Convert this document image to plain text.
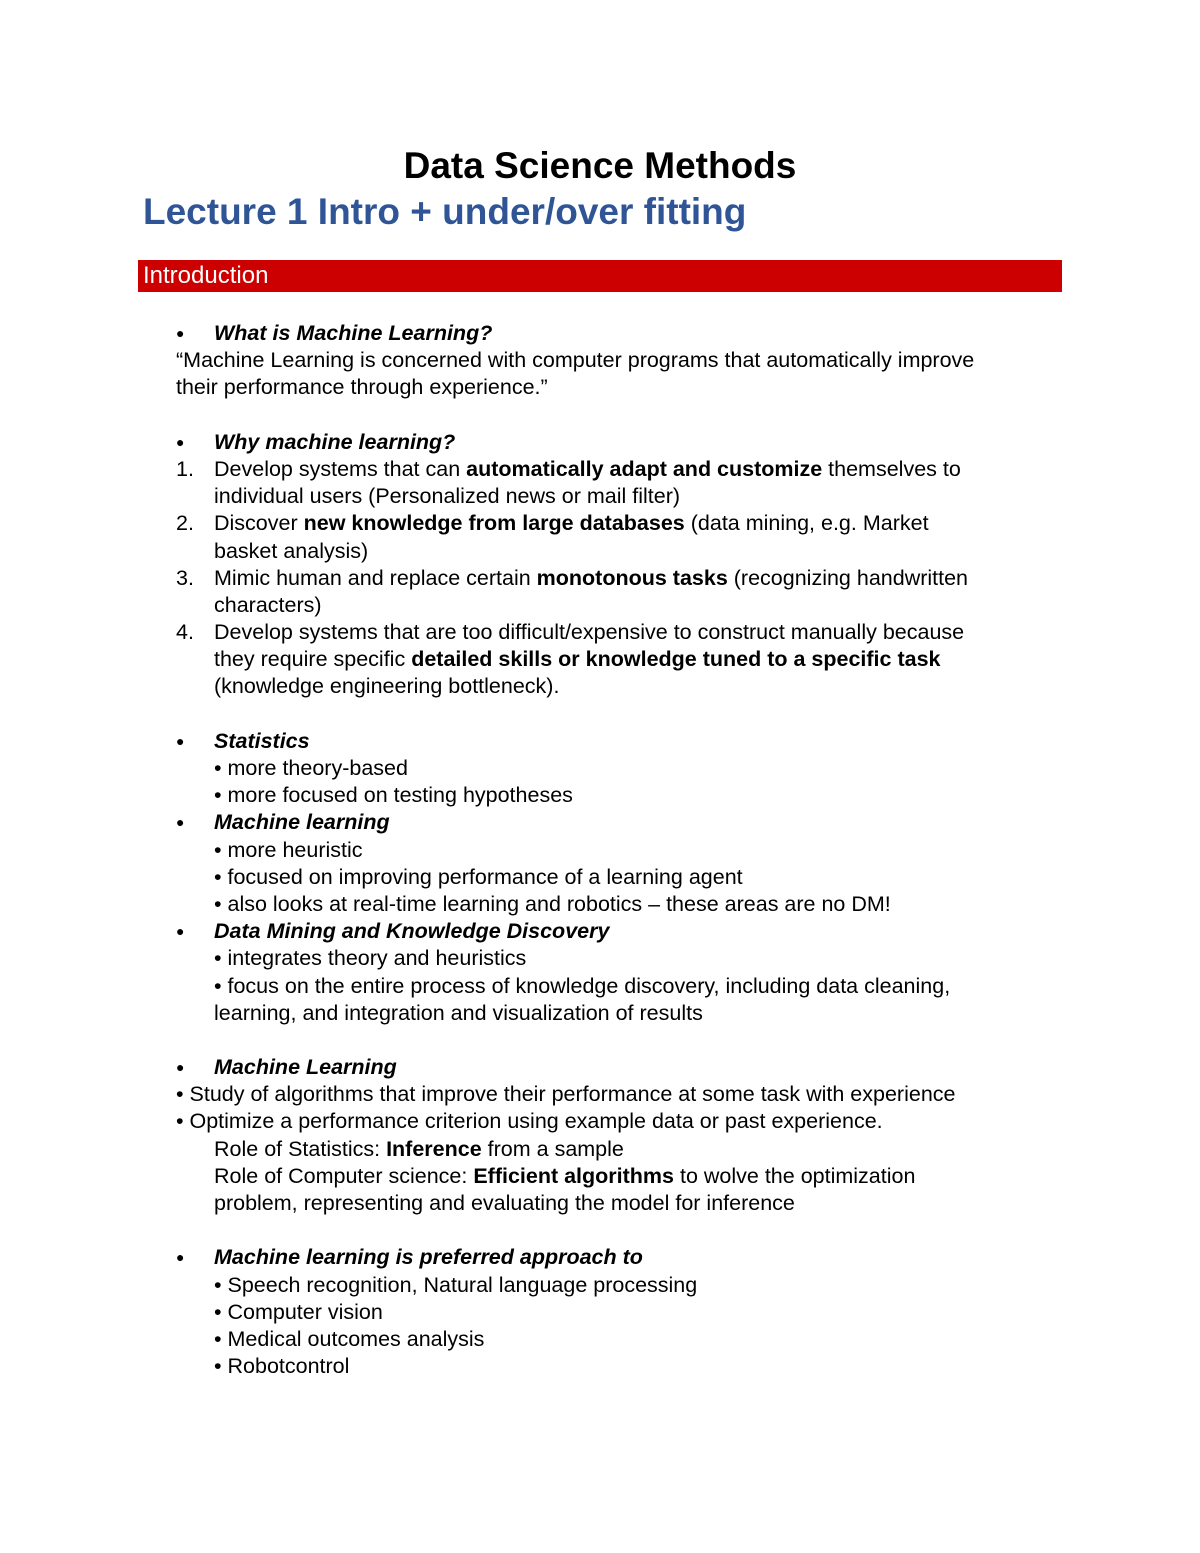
Data Science Methods
Lecture 1 Intro + under/over fitting
Introduction
● What is Machine Learning?
“Machine Learning is concerned with computer programs that automatically improve
their performance through experience.”
● Why machine learning?
1. Develop systems that can automatically adapt and customize themselves to
individual users (Personalized news or mail filter)
2. Discover new knowledge from large databases (data mining, e.g. Market
basket analysis)
3. Mimic human and replace certain monotonous tasks (recognizing handwritten
characters)
4. Develop systems that are too difficult/expensive to construct manually because
they require specific detailed skills or knowledge tuned to a specific task
(knowledge engineering bottleneck).
● Statistics
• more theory-based
• more focused on testing hypotheses
● Machine learning
• more heuristic
• focused on improving performance of a learning agent
• also looks at real-time learning and robotics – these areas are no DM!
● Data Mining and Knowledge Discovery
• integrates theory and heuristics
• focus on the entire process of knowledge discovery, including data cleaning,
learning, and integration and visualization of results
● Machine Learning
• Study of algorithms that improve their performance at some task with experience
• Optimize a performance criterion using example data or past experience.
Role of Statistics: Inference from a sample
Role of Computer science: Efficient algorithms to wolve the optimization
problem, representing and evaluating the model for inference
● Machine learning is preferred approach to
• Speech recognition, Natural language processing
• Computer vision
• Medical outcomes analysis
• Robotcontrol
